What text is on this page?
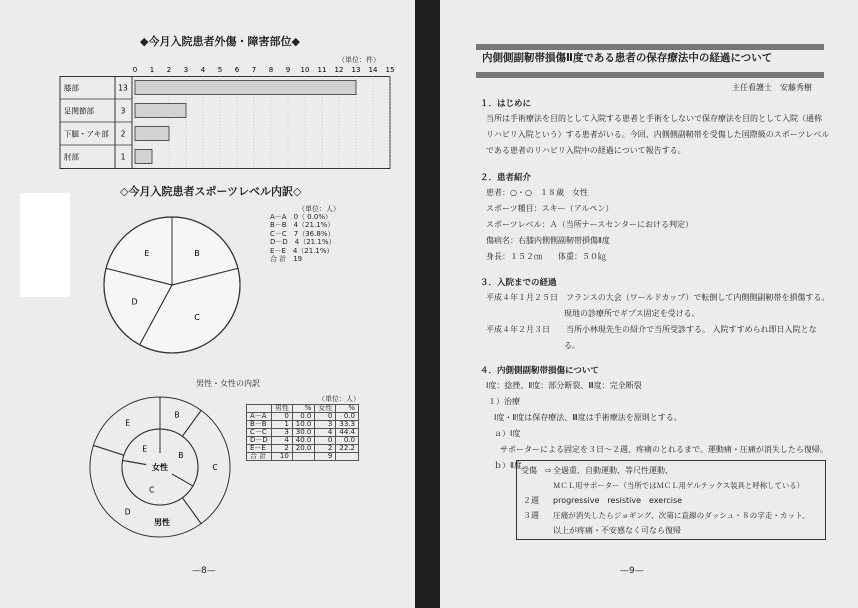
◆今月入院患者外傷・障害部位◆
（単位：件）
0 1 2 3 4 5 6 7 8 9 10 11 12 13 14 15
膝部	13
足関節部	3
下腿・アキ部 2
肘部	1
◇今月入院患者スポーツレベル内訳◇
（単位：人）
A－A　0（ 0.0%）
B－B　4（21.1%）
C－C　7（36.8%）
D－D　4（21.1%）
E－E　4（21.1%）
合 計　19
B
C
D
E
男性・女性の内訳
（単位：人）
B
C
D
E
B
C
E
女性
男性
	男性	%	女性	%
A－A	0	0.0	0	0.0
B－B	1	10.0	3	33.3
C－C	3	30.0	4	44.4
D－D	4	40.0	0	0.0
E－E	2	20.0	2	22.2
合 計	10		9	
—8—
内側側副靭帯損傷Ⅱ度である患者の保存療法中の経過について
主任看護士　安藤秀樹
１．はじめに
当所は手術療法を目的として入院する患者と手術をしないで保存療法を目的として入院（通称
リハビリ入院という）する患者がいる。今回、内側側副靭帯を受傷した国際級のスポーツレベル
である患者のリハビリ入院中の経過について報告する。
２．患者紹介
患者：○・○　１８歳　女性
スポーツ種目：スキー（アルペン）
スポーツレベル：Ａ（当所ナースセンターにおける判定）
傷病名：右膝内側側副靭帯損傷Ⅱ度
身長：１５２㎝　　体重：５０㎏
３．入院までの経過
平成４年１月２５日　フランスの大会（ワールドカップ）で転倒して内側側副靭帯を損傷する。
現地の診療所でギプス固定を受ける。
平成４年２月３日　　当所小林現先生の紹介で当所受診する。 入院すすめられ即日入院とな
る。
４．内側側副靭帯損傷について
Ⅰ度：捻挫、Ⅱ度：部分断裂、Ⅲ度：完全断裂
１）治療
Ⅰ度・Ⅱ度は保存療法、Ⅲ度は手術療法を原則とする。
ａ）Ⅰ度
サポーターによる固定を３日～２週、疼痛のとれるまで。運動痛・圧痛が消失したら復帰。
ｂ）Ⅱ度
—9—
受傷　⇨ 全過重、自動運動、等尺性運動、
ＭＣＬ用サポーター（当所ではＭＣＬ用ゲルテックス装具と呼称している）
２週 progressive　resistive　exercise
３週 圧痛が消失したらジョギング、次第に直線のダッシュ・８の字走・カット、
以上が疼痛・不安感なく可なら復帰
